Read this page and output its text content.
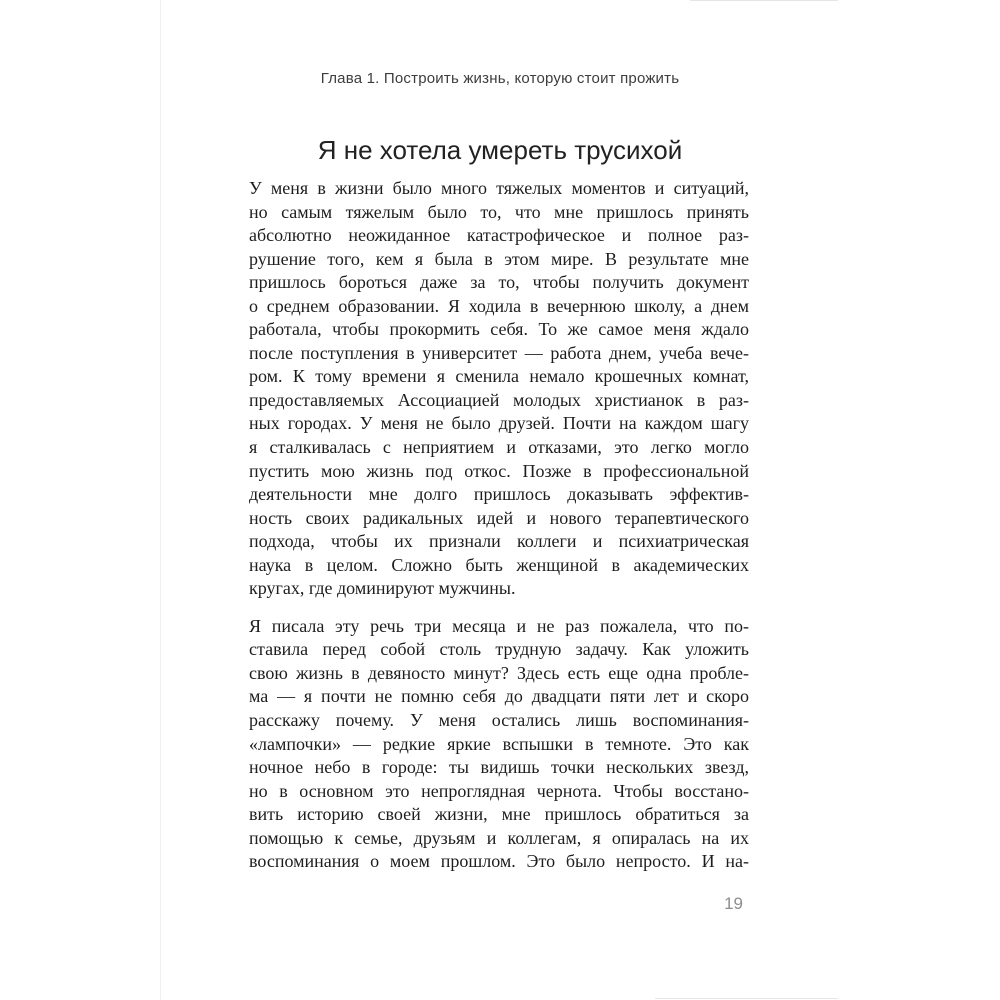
Глава 1. Построить жизнь, которую стоит прожить
Я не хотела умереть трусихой
У меня в жизни было много тяжелых моментов и ситуаций,
но самым тяжелым было то, что мне пришлось принять
абсолютно неожиданное катастрофическое и полное раз-
рушение того, кем я была в этом мире. В результате мне
пришлось бороться даже за то, чтобы получить документ
о среднем образовании. Я ходила в вечернюю школу, а днем
работала, чтобы прокормить себя. То же самое меня ждало
после поступления в университет — работа днем, учеба вече-
ром. К тому времени я сменила немало крошечных комнат,
предоставляемых Ассоциацией молодых христианок в раз-
ных городах. У меня не было друзей. Почти на каждом шагу
я сталкивалась с неприятием и отказами, это легко могло
пустить мою жизнь под откос. Позже в профессиональной
деятельности мне долго пришлось доказывать эффектив-
ность своих радикальных идей и нового терапевтического
подхода, чтобы их признали коллеги и психиатрическая
наука в целом. Сложно быть женщиной в академических
кругах, где доминируют мужчины.
Я писала эту речь три месяца и не раз пожалела, что по-
ставила перед собой столь трудную задачу. Как уложить
свою жизнь в девяносто минут? Здесь есть еще одна пробле-
ма — я почти не помню себя до двадцати пяти лет и скоро
расскажу почему. У меня остались лишь воспоминания-
«лампочки» — редкие яркие вспышки в темноте. Это как
ночное небо в городе: ты видишь точки нескольких звезд,
но в основном это непроглядная чернота. Чтобы восстано-
вить историю своей жизни, мне пришлось обратиться за
помощью к семье, друзьям и коллегам, я опиралась на их
воспоминания о моем прошлом. Это было непросто. И на-
19
